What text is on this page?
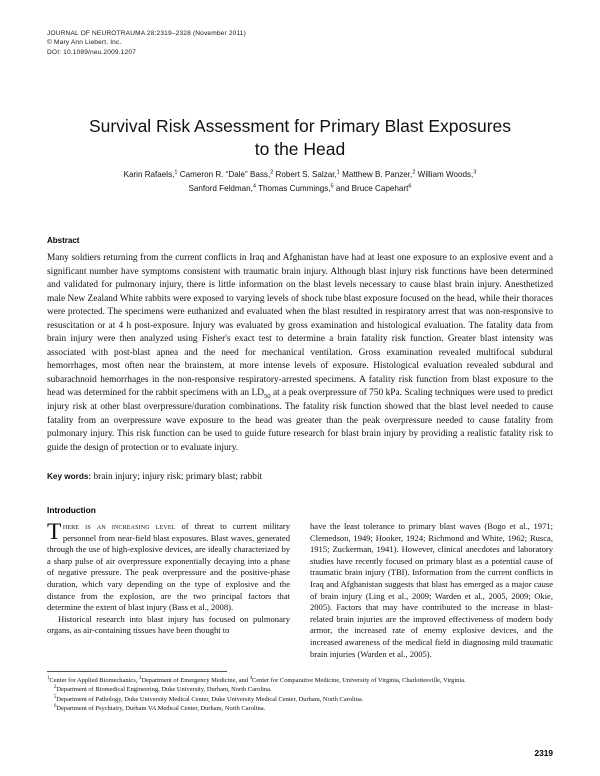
JOURNAL OF NEUROTRAUMA 28:2319–2328 (November 2011)
© Mary Ann Liebert, Inc.
DOI: 10.1089/neu.2009.1207
Survival Risk Assessment for Primary Blast Exposures
to the Head
Karin Rafaels,$^1$ Cameron R. “Dale” Bass,$^2$ Robert S. Salzar,$^1$ Matthew B. Panzer,$^2$ William Woods,$^3$
Sanford Feldman,$^4$ Thomas Cummings,$^5$ and Bruce Capehart$^6$
Abstract
Many soldiers returning from the current conflicts in Iraq and Afghanistan have had at least one exposure to an explosive event and a significant number have symptoms consistent with traumatic brain injury. Although blast injury risk functions have been determined and validated for pulmonary injury, there is little information on the blast levels necessary to cause blast brain injury. Anesthetized male New Zealand White rabbits were exposed to varying levels of shock tube blast exposure focused on the head, while their thoraces were protected. The specimens were euthanized and evaluated when the blast resulted in respiratory arrest that was non-responsive to resuscitation or at 4 h post-exposure. Injury was evaluated by gross examination and histological evaluation. The fatality data from brain injury were then analyzed using Fisher's exact test to determine a brain fatality risk function. Greater blast intensity was associated with post-blast apnea and the need for mechanical ventilation. Gross examination revealed multifocal subdural hemorrhages, most often near the brainstem, at more intense levels of exposure. Histological evaluation revealed subdural and subarachnoid hemorrhages in the non-responsive respiratory-arrested specimens. A fatality risk function from blast exposure to the head was determined for the rabbit specimens with an $LD_{50}$ at a peak overpressure of 750 kPa. Scaling techniques were used to predict injury risk at other blast overpressure/duration combinations. The fatality risk function showed that the blast level needed to cause fatality from an overpressure wave exposure to the head was greater than the peak overpressure needed to cause fatality from pulmonary injury. This risk function can be used to guide future research for blast brain injury by providing a realistic fatality risk to guide the design of protection or to evaluate injury.
Key words: brain injury; injury risk; primary blast; rabbit
Introduction

There is an increasing level of threat to current military personnel from near-field blast exposures. Blast waves, generated through the use of high-explosive devices, are ideally characterized by a sharp pulse of air overpressure exponentially decaying into a phase of negative pressure. The peak overpressure and the positive-phase duration, which vary depending on the type of explosive and the distance from the explosion, are the two principal factors that determine the extent of blast injury (Bass et al., 2008).

Historical research into blast injury has focused on pulmonary organs, as air-containing tissues have been thought to

have the least tolerance to primary blast waves (Bogo et al., 1971; Clemedson, 1949; Hooker, 1924; Richmond and White, 1962; Rusca, 1915; Zuckerman, 1941). However, clinical anecdotes and laboratory studies have recently focused on primary blast as a potential cause of traumatic brain injury (TBI). Information from the current conflicts in Iraq and Afghanistan suggests that blast has emerged as a major cause of brain injury (Ling et al., 2009; Warden et al., 2005, 2009; Okie, 2005). Factors that may have contributed to the increase in blast-related brain injuries are the improved effectiveness of modern body armor, the increased rate of enemy explosive devices, and the increased awareness of the medical field in diagnosing mild traumatic brain injuries (Warden et al., 2005).

$^1$Center for Applied Biomechanics, $^3$Department of Emergency Medicine, and $^4$Center for Comparative Medicine, University of Virginia, Charlottesville, Virginia.
$^2$Department of Biomedical Engineering, Duke University, Durham, North Carolina.
$^5$Department of Pathology, Duke University Medical Center, Duke University Medical Center, Durham, North Carolina.
$^6$Department of Psychiatry, Durham VA Medical Center, Durham, North Carolina.
2319
